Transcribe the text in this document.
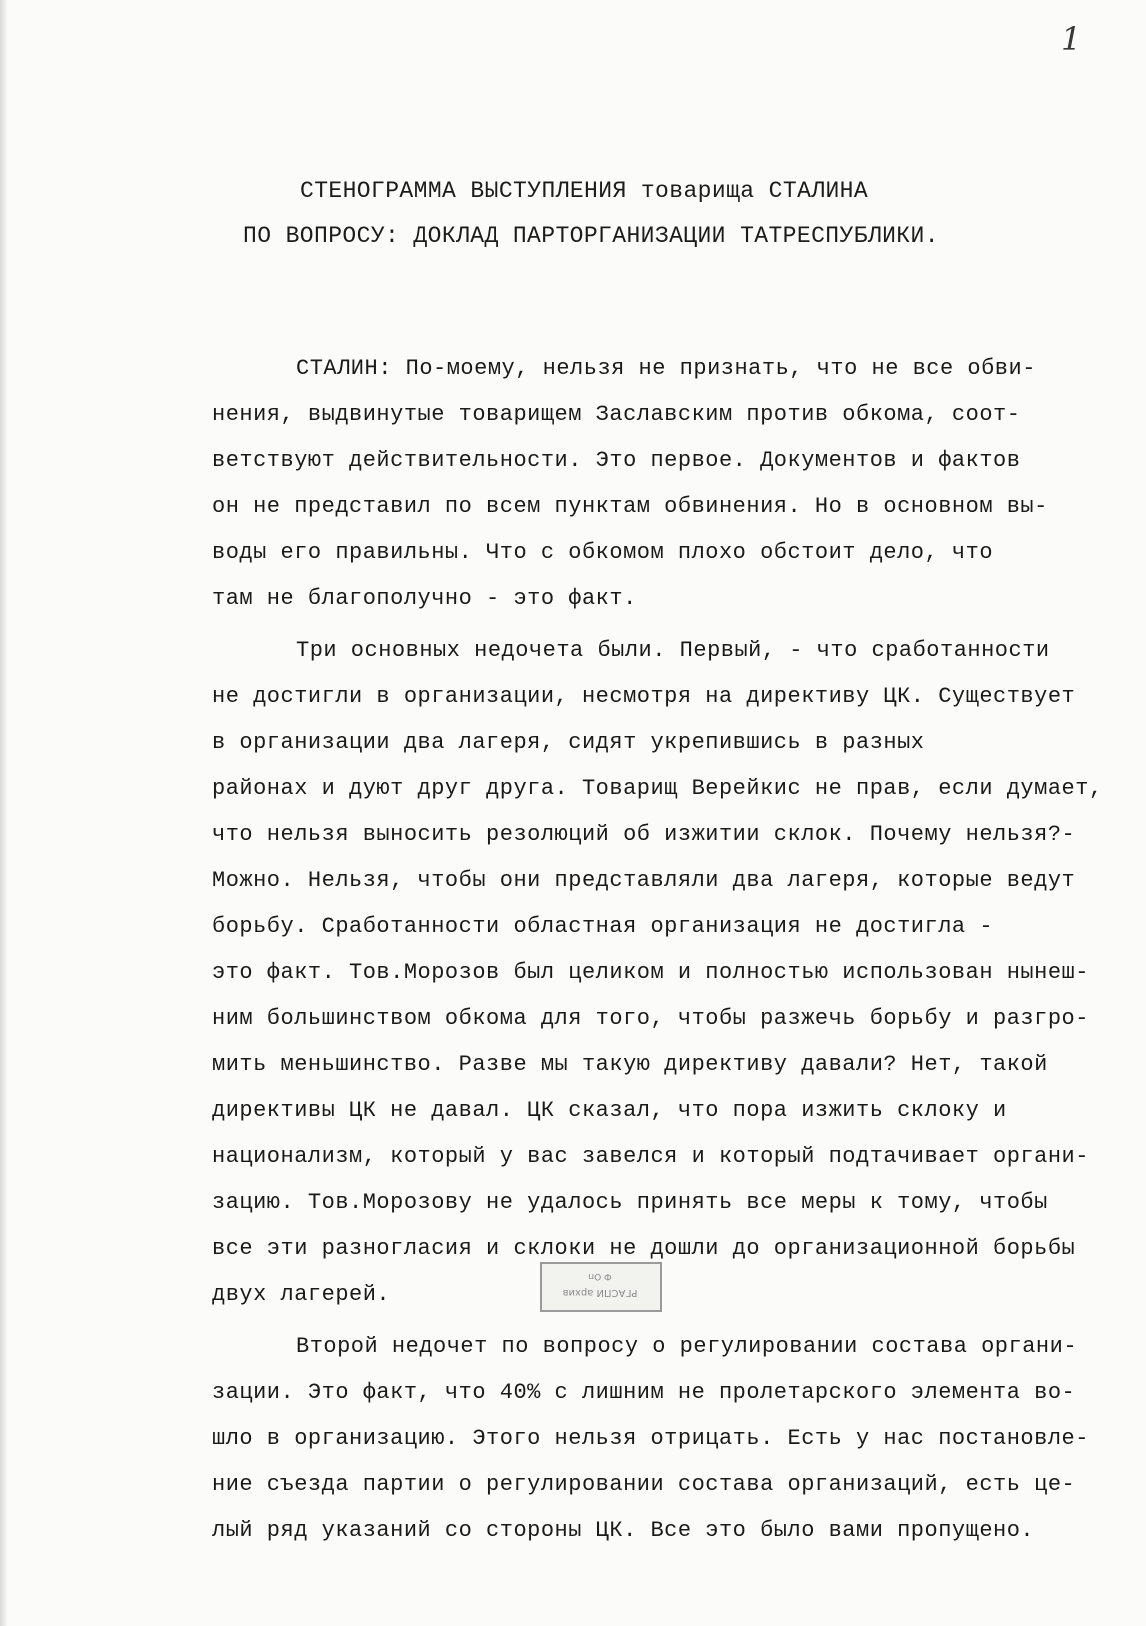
1
СТЕНОГРАММА ВЫСТУПЛЕНИЯ товарища СТАЛИНА
ПО ВОПРОСУ: ДОКЛАД ПАРТОРГАНИЗАЦИИ ТАТРЕСПУБЛИКИ.
СТАЛИН: По-моему, нельзя не признать, что не все обви-
нения, выдвинутые товарищем Заславским против обкома, соот-
ветствуют действительности. Это первое. Документов и фактов
он не представил по всем пунктам обвинения. Но в основном вы-
воды его правильны. Что с обкомом плохо обстоит дело, что
там не благополучно - это факт.
Три основных недочета были. Первый, - что сработанности
не достигли в организации, несмотря на директиву ЦК. Существует
в организации два лагеря, сидят укрепившись в разных
районах и дуют друг друга. Товарищ Верейкис не прав, если думает,
что нельзя выносить резолюций об изжитии склок. Почему нельзя?-
Можно. Нельзя, чтобы они представляли два лагеря, которые ведут
борьбу. Сработанности областная организация не достигла -
это факт. Тов.Морозов был целиком и полностью использован нынеш-
ним большинством обкома для того, чтобы разжечь борьбу и разгро-
мить меньшинство. Разве мы такую директиву давали? Нет, такой
директивы ЦК не давал. ЦК сказал, что пора изжить склоку и
национализм, который у вас завелся и который подтачивает органи-
зацию. Тов.Морозову не удалось принять все меры к тому, чтобы
все эти разногласия и склоки не дошли до организационной борьбы
двух лагерей.
Второй недочет по вопросу о регулировании состава органи-
зации. Это факт, что 40% с лишним не пролетарского элемента во-
шло в организацию. Этого нельзя отрицать. Есть у нас постановле-
ние съезда партии о регулировании состава организаций, есть це-
лый ряд указаний со стороны ЦК. Все это было вами пропущено.
РГАСПИ архив
Ф Оп
